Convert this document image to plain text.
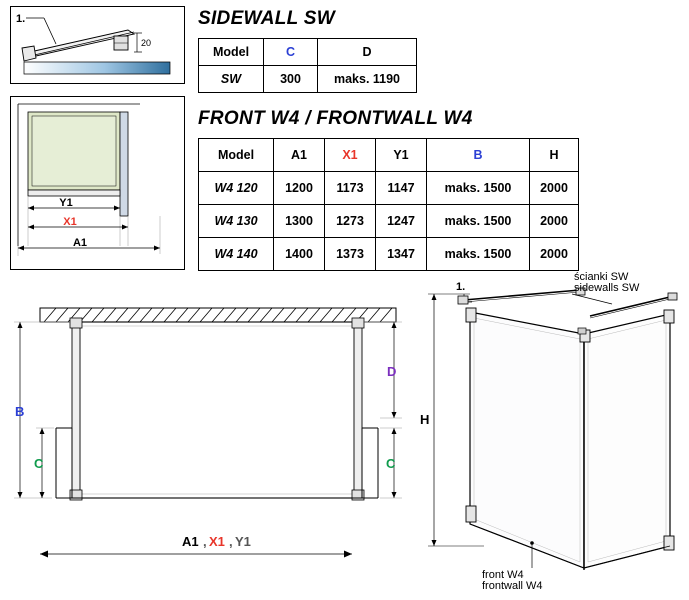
SIDEWALL SW
FRONT W4 / FRONTWALL W4
Model	C	D
SW	300	maks. 1190
Model	A1	X1	Y1	B	H
W4 120	1200	1173	1147	maks. 1500	2000
W4 130	1300	1273	1247	maks. 1500	2000
W4 140	1400	1373	1347	maks. 1500	2000
20
1.
Y1
X1
A1
B
C	C
D
A1 , X1 , Y1
H
1.
ścianki SW
sidewalls SW
front W4
frontwall W4
